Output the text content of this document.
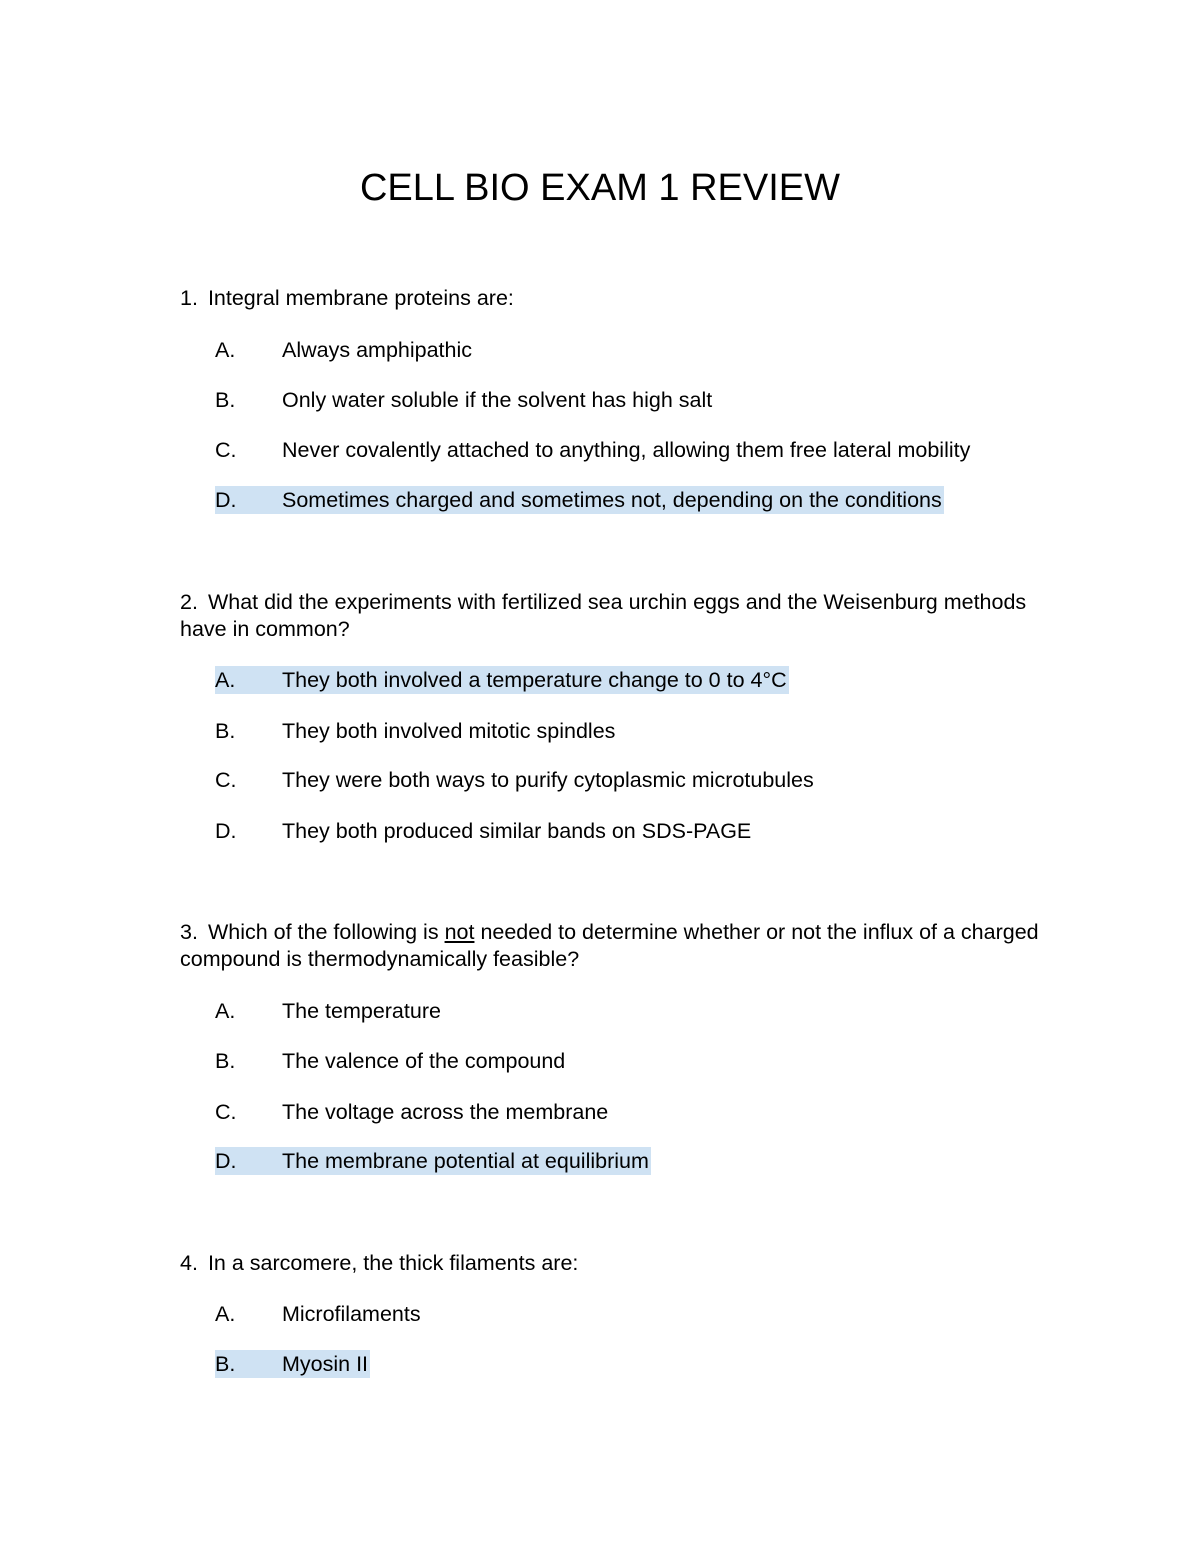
CELL BIO EXAM 1 REVIEW

1. Integral membrane proteins are:

A.	Always amphipathic
B.	Only water soluble if the solvent has high salt
C.	Never covalently attached to anything, allowing them free lateral mobility
D.	Sometimes charged and sometimes not, depending on the conditions

2. What did the experiments with fertilized sea urchin eggs and the Weisenburg methods have in common?

A.	They both involved a temperature change to 0 to 4°C
B.	They both involved mitotic spindles
C.	They were both ways to purify cytoplasmic microtubules
D.	They both produced similar bands on SDS-PAGE

3. Which of the following is not needed to determine whether or not the influx of a charged compound is thermodynamically feasible?

A.	The temperature
B.	The valence of the compound
C.	The voltage across the membrane
D.	The membrane potential at equilibrium

4. In a sarcomere, the thick filaments are:

A.	Microfilaments
B.	Myosin II
